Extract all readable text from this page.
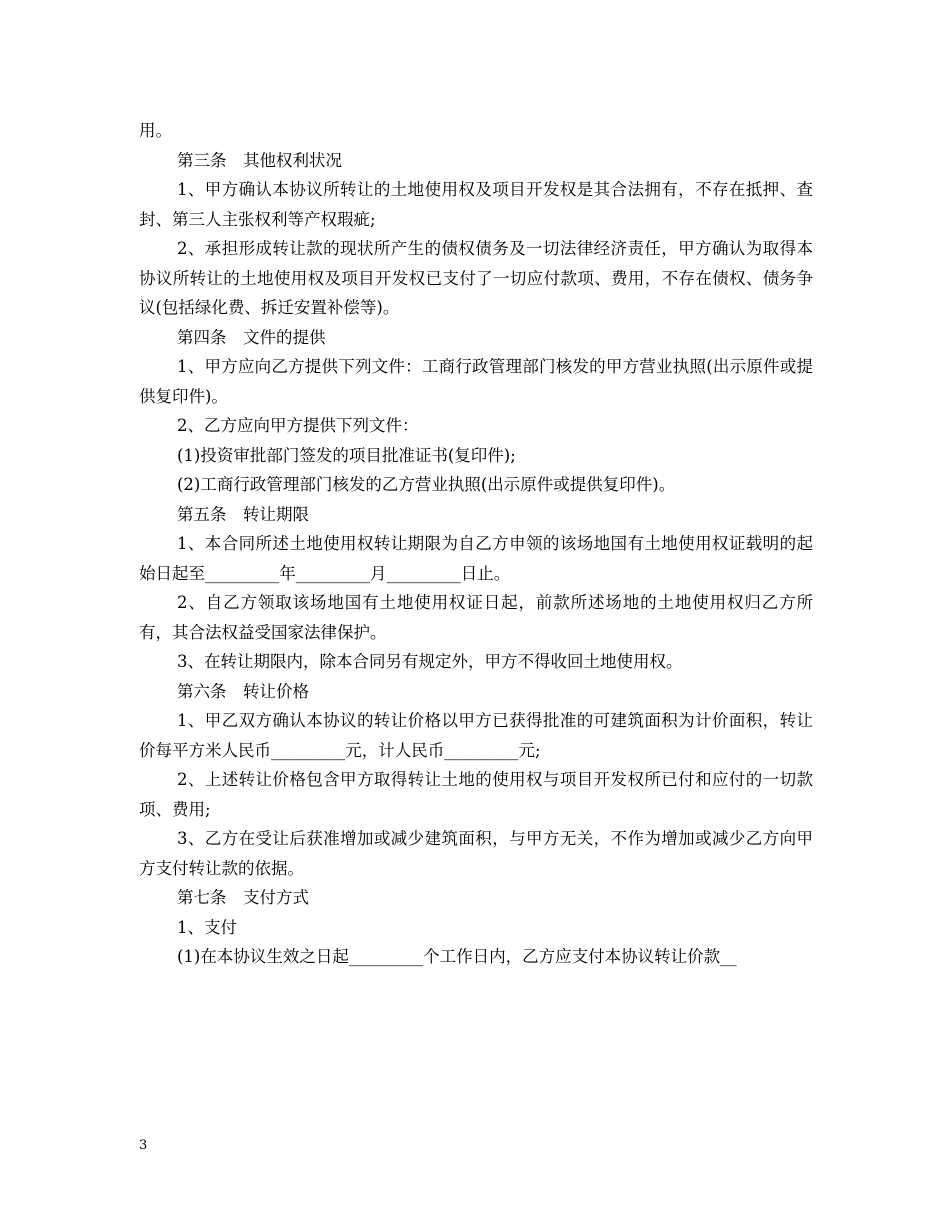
用。

第三条　其他权利状况

1、甲方确认本协议所转让的土地使用权及项目开发权是其合法拥有，不存在抵押、查封、第三人主张权利等产权瑕疵;

2、承担形成转让款的现状所产生的债权债务及一切法律经济责任，甲方确认为取得本协议所转让的土地使用权及项目开发权已支付了一切应付款项、费用，不存在债权、债务争议(包括绿化费、拆迁安置补偿等)。

第四条　文件的提供

1、甲方应向乙方提供下列文件：工商行政管理部门核发的甲方营业执照(出示原件或提供复印件)。

2、乙方应向甲方提供下列文件：

(1)投资审批部门签发的项目批准证书(复印件);

(2)工商行政管理部门核发的乙方营业执照(出示原件或提供复印件)。

第五条　转让期限

1、本合同所述土地使用权转让期限为自乙方申领的该场地国有土地使用权证载明的起始日起至_________年_________月_________日止。

2、自乙方领取该场地国有土地使用权证日起，前款所述场地的土地使用权归乙方所有，其合法权益受国家法律保护。

3、在转让期限内，除本合同另有规定外，甲方不得收回土地使用权。

第六条　转让价格

1、甲乙双方确认本协议的转让价格以甲方已获得批准的可建筑面积为计价面积，转让价每平方米人民币_________元，计人民币_________元;

2、上述转让价格包含甲方取得转让土地的使用权与项目开发权所已付和应付的一切款项、费用;

3、乙方在受让后获准增加或减少建筑面积，与甲方无关，不作为增加或减少乙方向甲方支付转让款的依据。

第七条　支付方式

1、支付

(1)在本协议生效之日起_________个工作日内，乙方应支付本协议转让价款__

3
